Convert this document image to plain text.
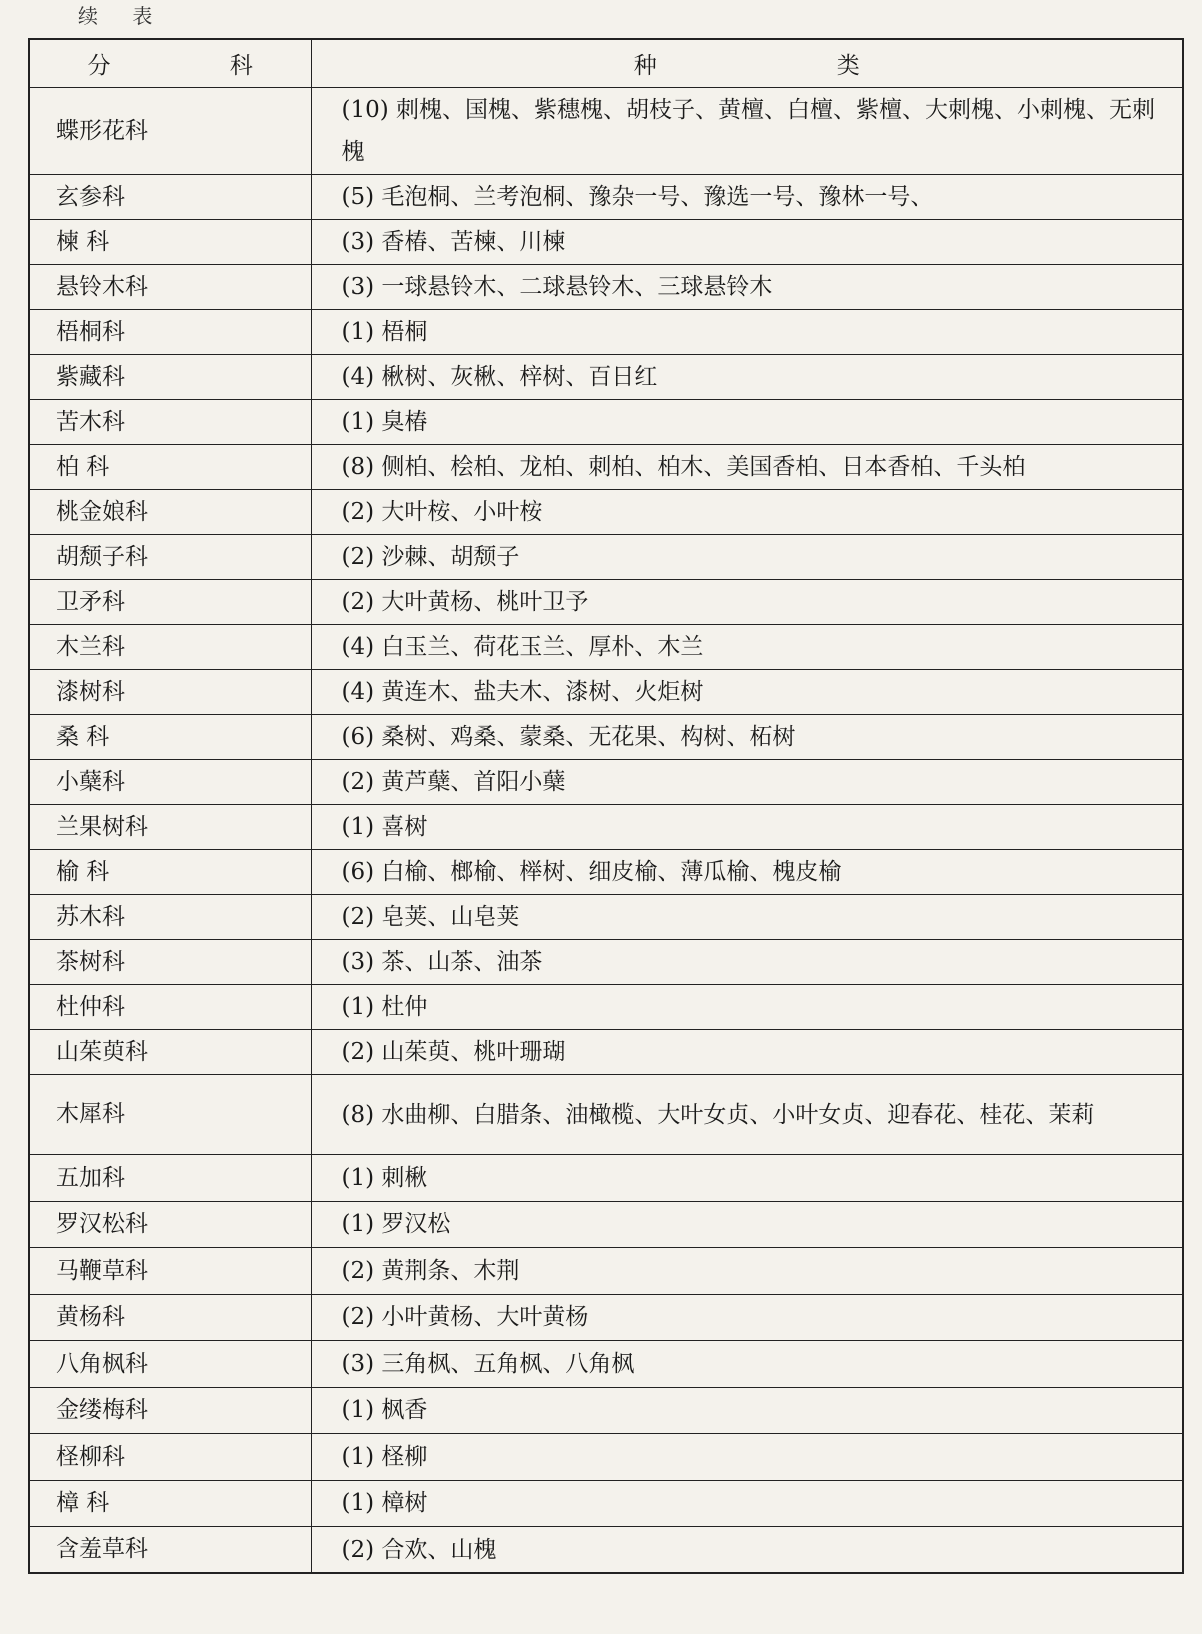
续 表
分 科	种 类
蝶形花科	(10) 刺槐、国槐、紫穗槐、胡枝子、黄檀、白檀、紫檀、大刺槐、小刺槐、无刺槐
玄参科	(5) 毛泡桐、兰考泡桐、豫杂一号、豫选一号、豫林一号、
楝 科	(3) 香椿、苦楝、川楝
悬铃木科	(3) 一球悬铃木、二球悬铃木、三球悬铃木
梧桐科	(1) 梧桐
紫藏科	(4) 楸树、灰楸、梓树、百日红
苦木科	(1) 臭椿
柏 科	(8) 侧柏、桧柏、龙柏、刺柏、柏木、美国香柏、日本香柏、千头柏
桃金娘科	(2) 大叶桉、小叶桉
胡颓子科	(2) 沙棘、胡颓子
卫矛科	(2) 大叶黄杨、桃叶卫予
木兰科	(4) 白玉兰、荷花玉兰、厚朴、木兰
漆树科	(4) 黄连木、盐夫木、漆树、火炬树
桑 科	(6) 桑树、鸡桑、蒙桑、无花果、构树、柘树
小蘖科	(2) 黄芦蘖、首阳小蘖
兰果树科	(1) 喜树
榆 科	(6) 白榆、榔榆、榉树、细皮榆、薄瓜榆、槐皮榆
苏木科	(2) 皂荚、山皂荚
茶树科	(3) 茶、山茶、油茶
杜仲科	(1) 杜仲
山茱萸科	(2) 山茱萸、桃叶珊瑚
木犀科	(8) 水曲柳、白腊条、油橄榄、大叶女贞、小叶女贞、迎春花、桂花、茉莉
五加科	(1) 刺楸
罗汉松科	(1) 罗汉松
马鞭草科	(2) 黄荆条、木荆
黄杨科	(2) 小叶黄杨、大叶黄杨
八角枫科	(3) 三角枫、五角枫、八角枫
金缕梅科	(1) 枫香
柽柳科	(1) 柽柳
樟 科	(1) 樟树
含羞草科	(2) 合欢、山槐
